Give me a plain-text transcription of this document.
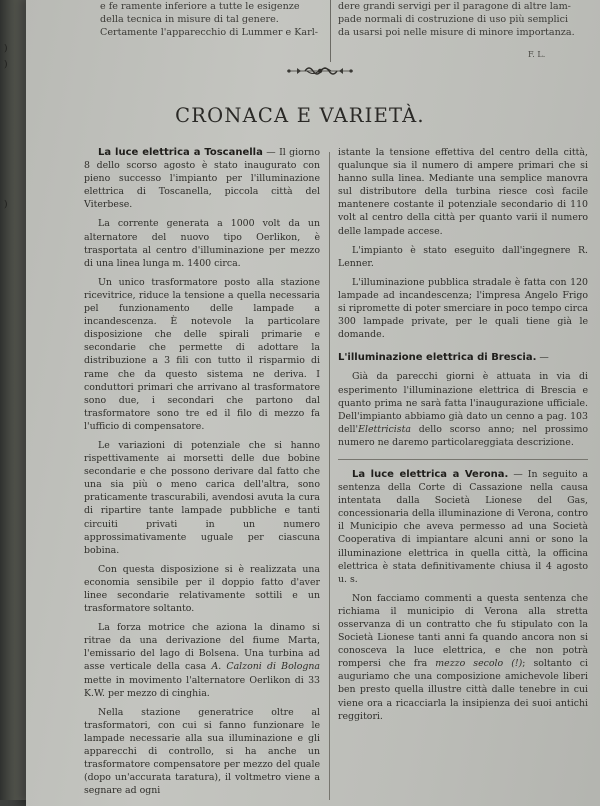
)
)
)
e fe ramente inferiore a tutte le esigenze
della tecnica in misure di tal genere.
Certamente l'apparecchio di Lummer e Karl-
dere grandi servigi per il paragone di altre lam-
pade normali di costruzione di uso più semplici
da usarsi poi nelle misure di minore importanza.
F. L.
CRONACA E VARIETÀ.

La luce elettrica a Toscanella — Il giorno 8 dello scorso agosto è stato inaugurato con pieno successo l'impianto per l'illuminazione elettrica di Toscanella, piccola città del Viterbese.

La corrente generata a 1000 volt da un alternatore del nuovo tipo Oerlikon, è trasportata al centro d'illuminazione per mezzo di una linea lunga m. 1400 circa.

Un unico trasformatore posto alla stazione ricevitrice, riduce la tensione a quella necessaria pel funzionamento delle lampade a incandescenza. È notevole la particolare disposizione che delle spirali primarie e secondarie che permette di adottare la distribuzione a 3 fili con tutto il risparmio di rame che da questo sistema ne deriva. I conduttori primari che arrivano al trasformatore sono due, i secondari che partono dal trasformatore sono tre ed il filo di mezzo fa l'ufficio di compensatore.

Le variazioni di potenziale che si hanno rispettivamente ai morsetti delle due bobine secondarie e che possono derivare dal fatto che una sia più o meno carica dell'altra, sono praticamente trascurabili, avendosi avuta la cura di ripartire tante lampade pubbliche e tanti circuiti privati in un numero approssimativamente uguale per ciascuna bobina.

Con questa disposizione si è realizzata una economia sensibile per il doppio fatto d'aver linee secondarie relativamente sottili e un trasformatore soltanto.

La forza motrice che aziona la dinamo si ritrae da una derivazione del fiume Marta, l'emissario del lago di Bolsena. Una turbina ad asse verticale della casa A. Calzoni di Bologna mette in movimento l'alternatore Oerlikon di 33 K.W. per mezzo di cinghia.

Nella stazione generatrice oltre al trasformatori, con cui si fanno funzionare le lampade necessarie alla sua illuminazione e gli apparecchi di controllo, si ha anche un trasformatore compensatore per mezzo del quale (dopo un'accurata taratura), il voltmetro viene a segnare ad ogni

istante la tensione effettiva del centro della città, qualunque sia il numero di ampere primari che si hanno sulla linea. Mediante una semplice manovra sul distributore della turbina riesce così facile mantenere costante il potenziale secondario di 110 volt al centro della città per quanto varii il numero delle lampade accese.

L'impianto è stato eseguito dall'ingegnere R. Lenner.

L'illuminazione pubblica stradale è fatta con 120 lampade ad incandescenza; l'impresa Angelo Frigo si ripromette di poter smerciare in poco tempo circa 300 lampade private, per le quali tiene già le domande.

L'illuminazione elettrica di Brescia. —

Già da parecchi giorni è attuata in via di esperimento l'illuminazione elettrica di Brescia e quanto prima ne sarà fatta l'inaugurazione ufficiale. Dell'impianto abbiamo già dato un cenno a pag. 103 dell'Elettricista dello scorso anno; nel prossimo numero ne daremo particolareggiata descrizione.

La luce elettrica a Verona. — In seguito a sentenza della Corte di Cassazione nella causa intentata dalla Società Lionese del Gas, concessionaria della illuminazione di Verona, contro il Municipio che aveva permesso ad una Società Cooperativa di impiantare alcuni anni or sono la illuminazione elettrica in quella città, la officina elettrica è stata definitivamente chiusa il 4 agosto u. s.

Non facciamo commenti a questa sentenza che richiama il municipio di Verona alla stretta osservanza di un contratto che fu stipulato con la Società Lionese tanti anni fa quando ancora non si conosceva la luce elettrica, e che non potrà rompersi che fra mezzo secolo (!); soltanto ci auguriamo che una composizione amichevole liberi ben presto quella illustre città dalle tenebre in cui viene ora a ricacciarla la insipienza dei suoi antichi reggitori.
